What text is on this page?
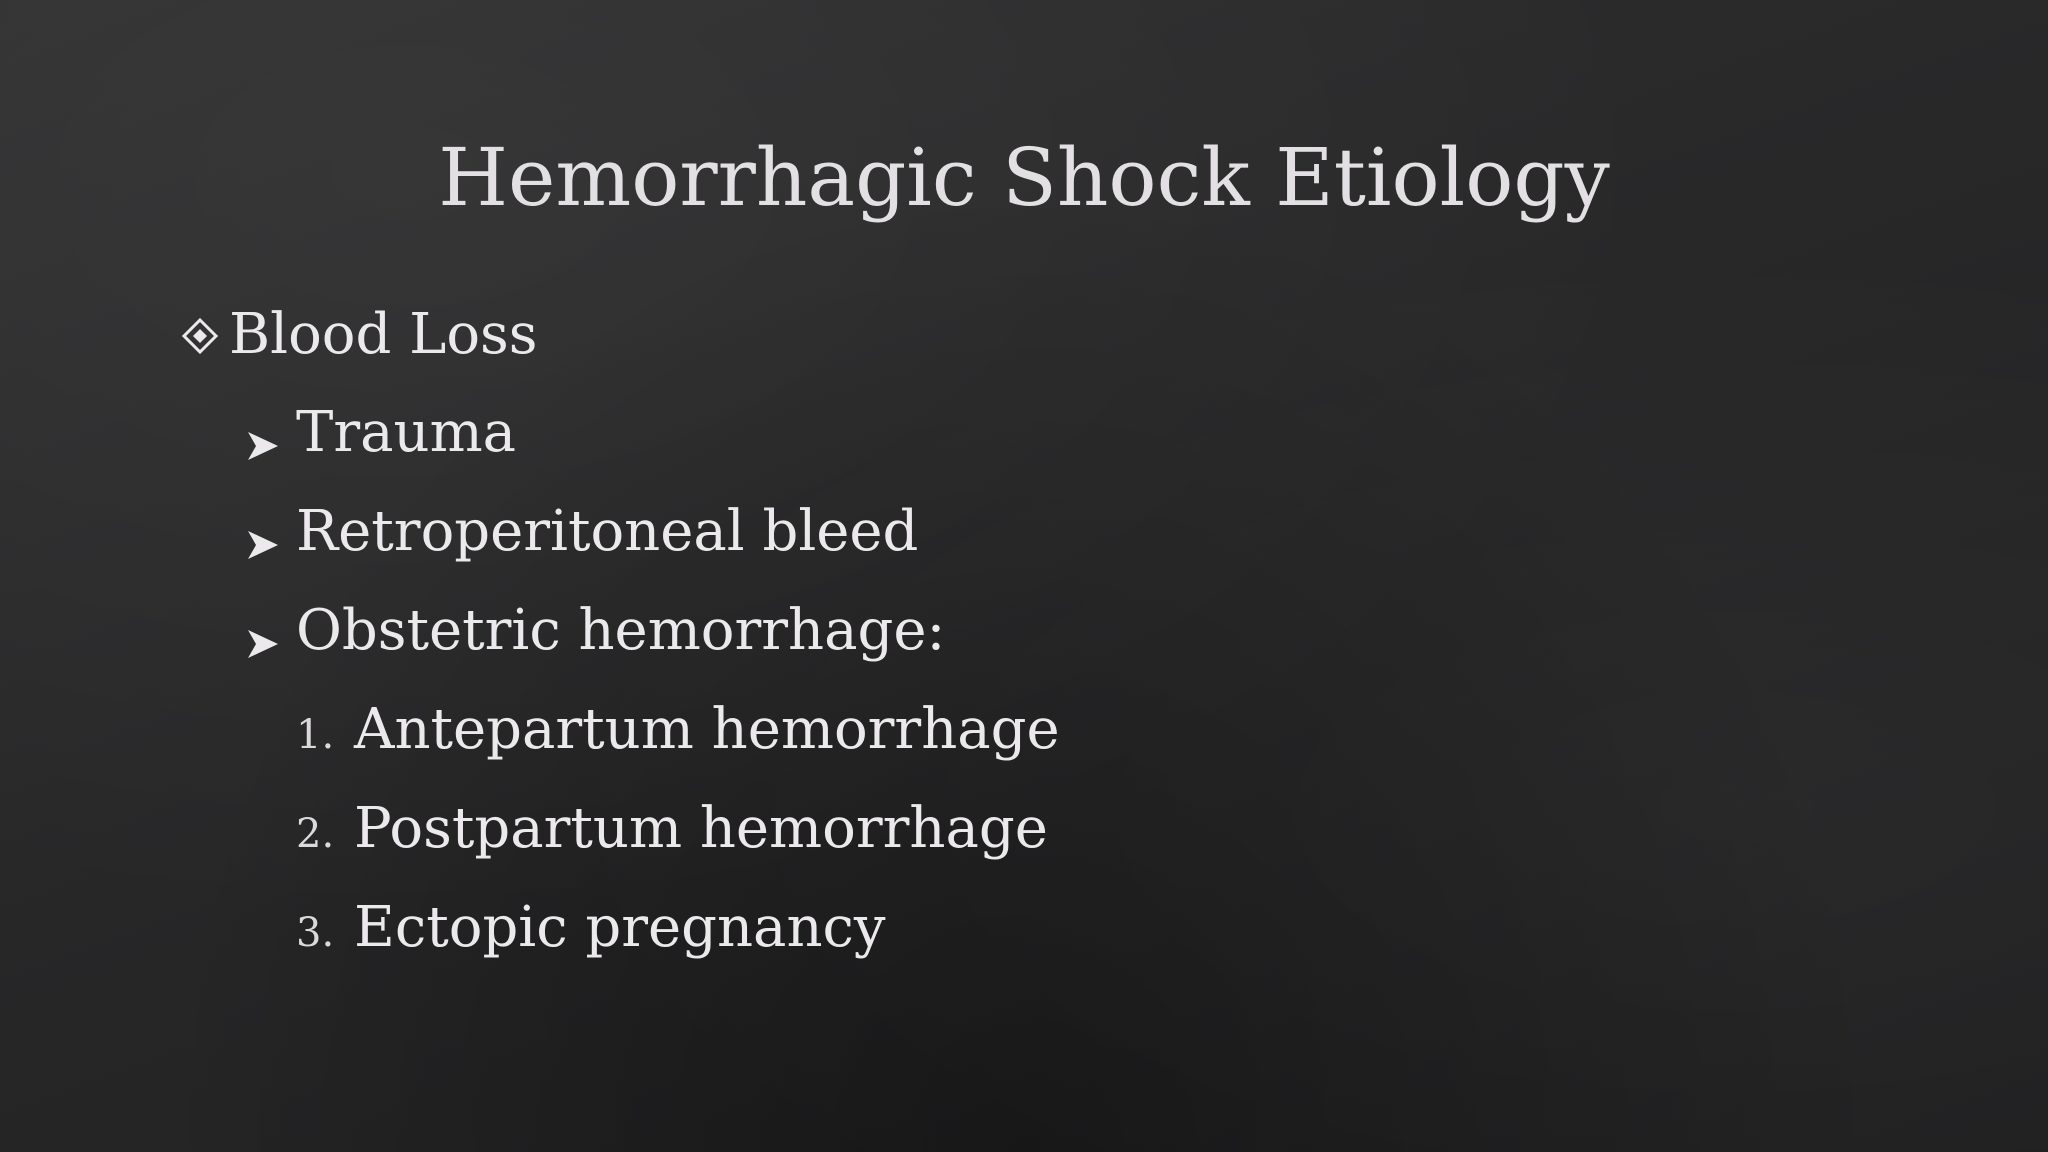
Hemorrhagic Shock Etiology
Blood Loss
Trauma
Retroperitoneal bleed
Obstetric hemorrhage:
1. Antepartum hemorrhage
2. Postpartum hemorrhage
3. Ectopic pregnancy
